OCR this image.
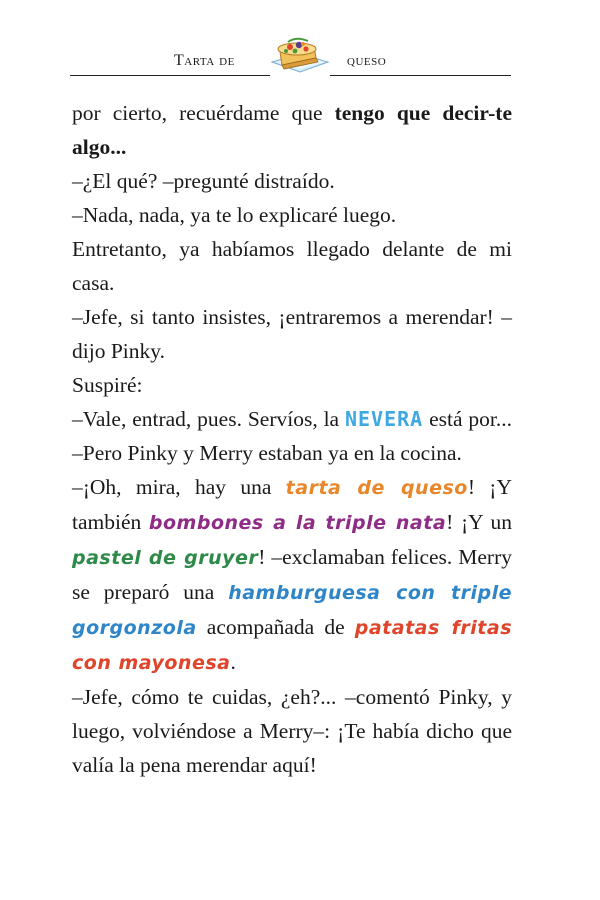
Tarta de	queso

por cierto, recuérdame que tengo que decir-te algo...

–¿El qué? –pregunté distraído.

–Nada, nada, ya te lo explicaré luego.

Entretanto, ya habíamos llegado delante de mi casa.

–Jefe, si tanto insistes, ¡entraremos a merendar! –dijo Pinky.

Suspiré:

–Vale, entrad, pues. Servíos, la NEVERA está por... –Pero Pinky y Merry estaban ya en la cocina.

–¡Oh, mira, hay una tarta de queso! ¡Y también bombones a la triple nata! ¡Y un pastel de gruyer! –exclamaban felices. Merry se preparó una hamburguesa con triple gorgonzola acompañada de patatas fritas con mayonesa.

–Jefe, cómo te cuidas, ¿eh?... –comentó Pinky, y luego, volviéndose a Merry–: ¡Te había dicho que valía la pena merendar aquí!
